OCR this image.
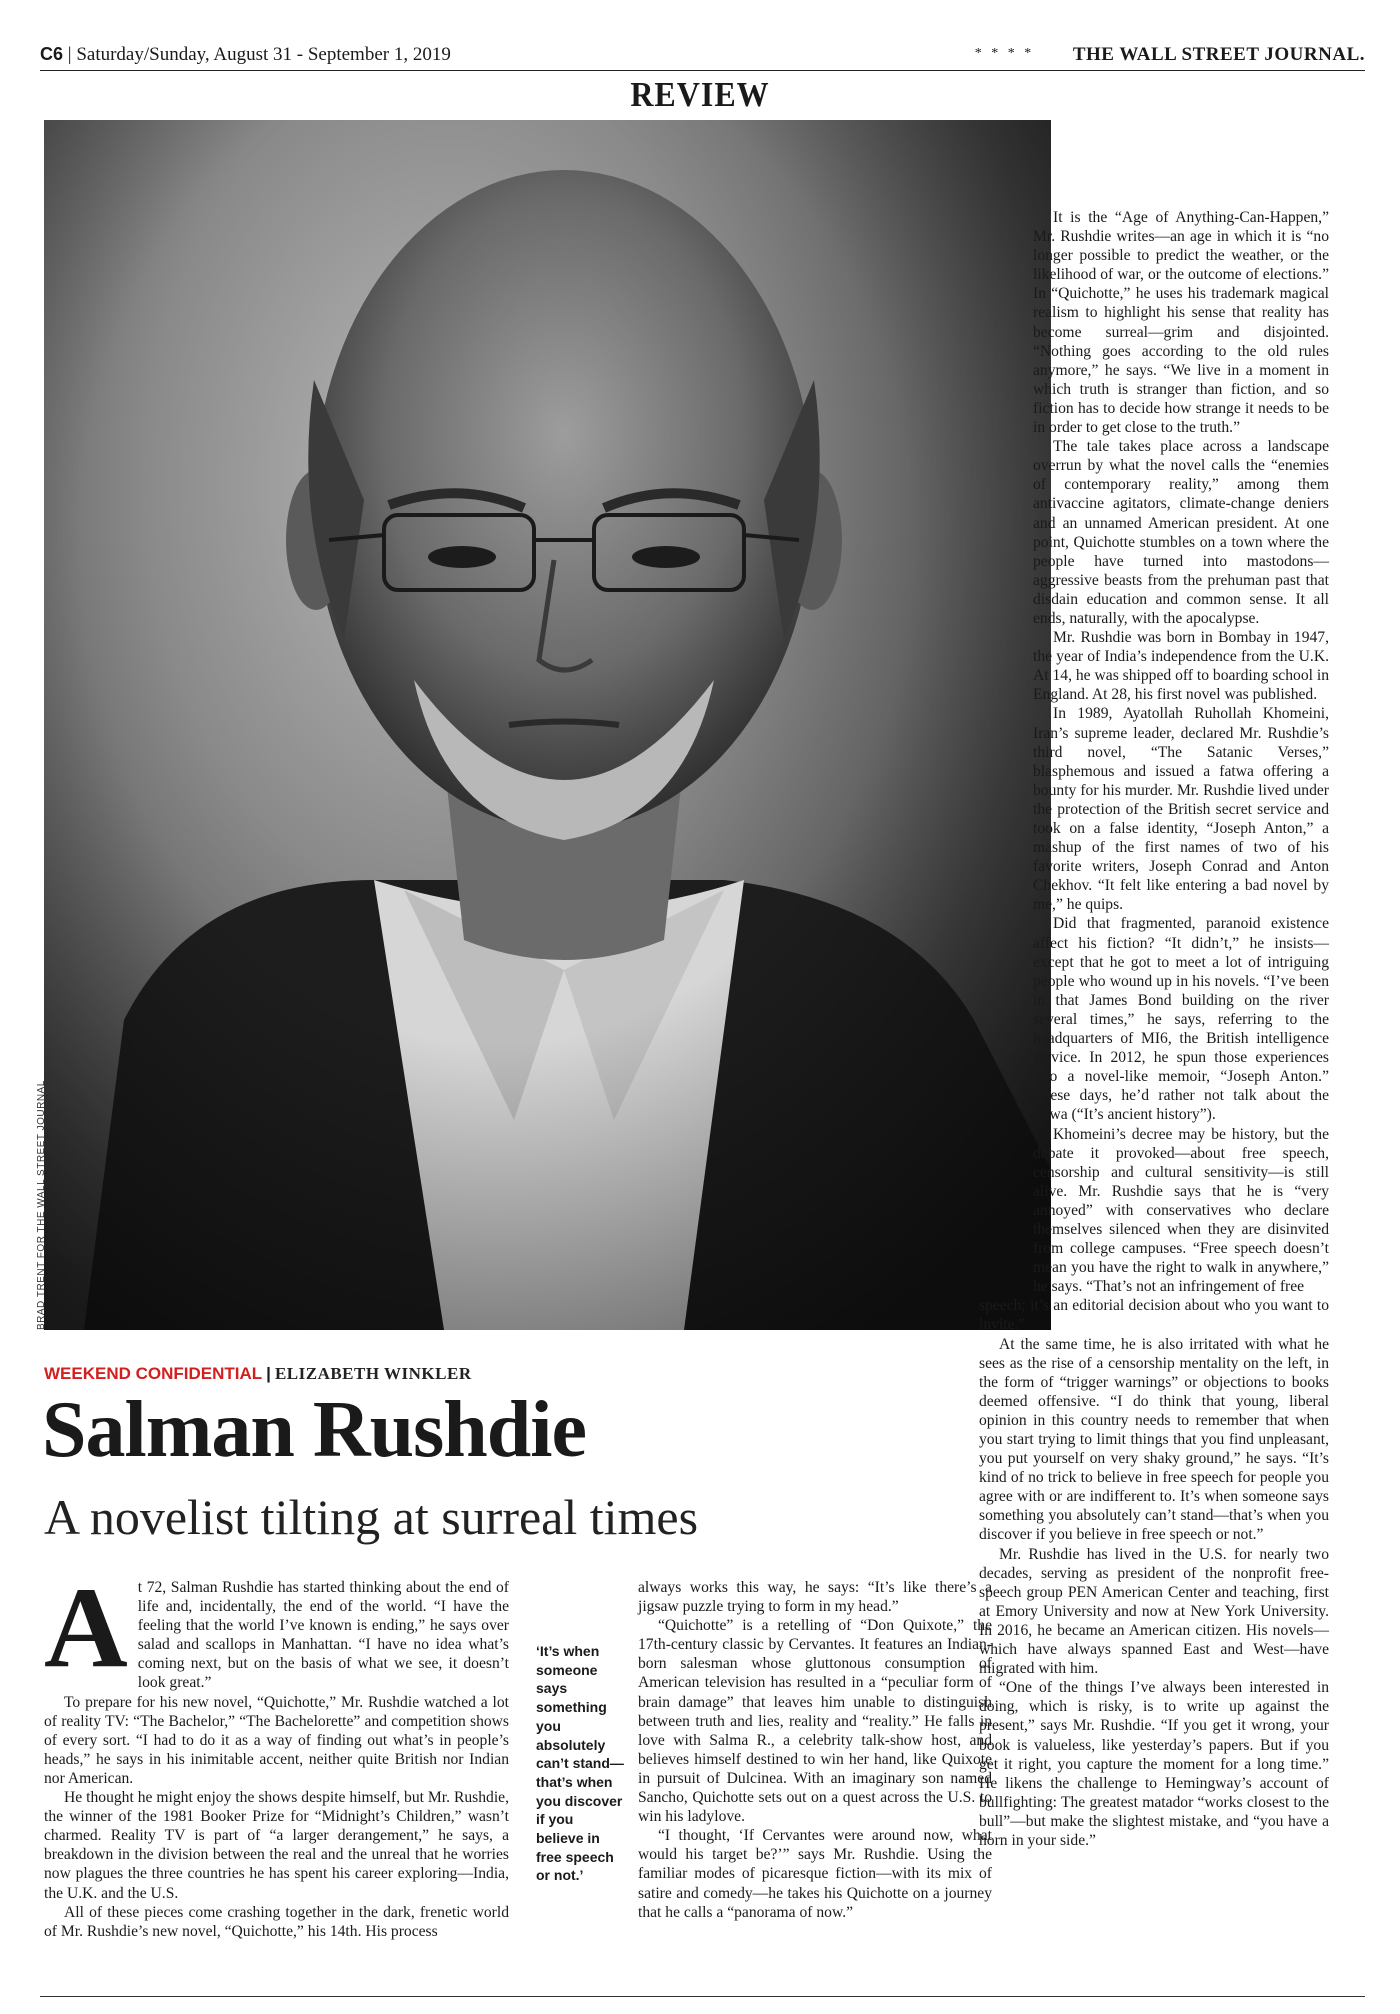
C6 | Saturday/Sunday, August 31 - September 1, 2019	* * * *	THE WALL STREET JOURNAL.
REVIEW
BRAD TRENT FOR THE WALL STREET JOURNAL
WEEKEND CONFIDENTIAL | ELIZABETH WINKLER
Salman Rushdie
A novelist tilting at surreal times
A t 72, Salman Rushdie has started thinking about the end of life and, incidentally, the end of the world. “I have the feeling that the world I’ve known is ending,” he says over salad and scallops in Manhattan. “I have no idea what’s coming next, but on the basis of what we see, it doesn’t look great.”

To prepare for his new novel, “Quichotte,” Mr. Rushdie watched a lot of reality TV: “The Bachelor,” “The Bachelorette” and competition shows of every sort. “I had to do it as a way of finding out what’s in people’s heads,” he says in his inimitable accent, neither quite British nor Indian nor American.

He thought he might enjoy the shows despite himself, but Mr. Rushdie, the winner of the 1981 Booker Prize for “Midnight’s Children,” wasn’t charmed. Reality TV is part of “a larger derangement,” he says, a breakdown in the division between the real and the unreal that he worries now plagues the three countries he has spent his career exploring—India, the U.K. and the U.S.

All of these pieces come crashing together in the dark, frenetic world of Mr. Rushdie’s new novel, “Quichotte,” his 14th. His process

‘It’s when someone says something you absolutely can’t stand—that’s when you discover if you believe in free speech or not.’

always works this way, he says: “It’s like there’s a jigsaw puzzle trying to form in my head.”

“Quichotte” is a retelling of “Don Quixote,” the 17th-century classic by Cervantes. It features an Indian-born salesman whose gluttonous consumption of American television has resulted in a “peculiar form of brain damage” that leaves him unable to distinguish between truth and lies, reality and “reality.” He falls in love with Salma R., a celebrity talk-show host, and believes himself destined to win her hand, like Quixote in pursuit of Dulcinea. With an imaginary son named Sancho, Quichotte sets out on a quest across the U.S. to win his ladylove.

“I thought, ‘If Cervantes were around now, what would his target be?’” says Mr. Rushdie. Using the familiar modes of picaresque fiction—with its mix of satire and comedy—he takes his Quichotte on a journey that he calls a “panorama of now.”

It is the “Age of Anything-Can-Happen,” Mr. Rushdie writes—an age in which it is “no longer possible to predict the weather, or the likelihood of war, or the outcome of elections.” In “Quichotte,” he uses his trademark magical realism to highlight his sense that reality has become surreal—grim and disjointed. “Nothing goes according to the old rules anymore,” he says. “We live in a moment in which truth is stranger than fiction, and so fiction has to decide how strange it needs to be in order to get close to the truth.”

The tale takes place across a landscape overrun by what the novel calls the “enemies of contemporary reality,” among them antivaccine agitators, climate-change deniers and an unnamed American president. At one point, Quichotte stumbles on a town where the people have turned into mastodons—aggressive beasts from the prehuman past that disdain education and common sense. It all ends, naturally, with the apocalypse.

Mr. Rushdie was born in Bombay in 1947, the year of India’s independence from the U.K. At 14, he was shipped off to boarding school in England. At 28, his first novel was published.

In 1989, Ayatollah Ruhollah Khomeini, Iran’s supreme leader, declared Mr. Rushdie’s third novel, “The Satanic Verses,” blasphemous and issued a fatwa offering a bounty for his murder. Mr. Rushdie lived under the protection of the British secret service and took on a false identity, “Joseph Anton,” a mashup of the first names of two of his favorite writers, Joseph Conrad and Anton Chekhov. “It felt like entering a bad novel by me,” he quips.

Did that fragmented, paranoid existence affect his fiction? “It didn’t,” he insists—except that he got to meet a lot of intriguing people who wound up in his novels. “I’ve been in that James Bond building on the river several times,” he says, referring to the headquarters of MI6, the British intelligence service. In 2012, he spun those experiences into a novel-like memoir, “Joseph Anton.” These days, he’d rather not talk about the fatwa (“It’s ancient history”).

Khomeini’s decree may be history, but the debate it provoked—about free speech, censorship and cultural sensitivity—is still alive. Mr. Rushdie says that he is “very annoyed” with conservatives who declare themselves silenced when they are disinvited from college campuses. “Free speech doesn’t mean you have the right to walk in anywhere,” he says. “That’s not an infringement of free

speech; it’s an editorial decision about who you want to invite.”

At the same time, he is also irritated with what he sees as the rise of a censorship mentality on the left, in the form of “trigger warnings” or objections to books deemed offensive. “I do think that young, liberal opinion in this country needs to remember that when you start trying to limit things that you find unpleasant, you put yourself on very shaky ground,” he says. “It’s kind of no trick to believe in free speech for people you agree with or are indifferent to. It’s when someone says something you absolutely can’t stand—that’s when you discover if you believe in free speech or not.”

Mr. Rushdie has lived in the U.S. for nearly two decades, serving as president of the nonprofit free-speech group PEN American Center and teaching, first at Emory University and now at New York University. In 2016, he became an American citizen. His novels—which have always spanned East and West—have migrated with him.

“One of the things I’ve always been interested in doing, which is risky, is to write up against the present,” says Mr. Rushdie. “If you get it wrong, your book is valueless, like yesterday’s papers. But if you get it right, you capture the moment for a long time.” He likens the challenge to Hemingway’s account of bullfighting: The greatest matador “works closest to the bull”—but make the slightest mistake, and “you have a horn in your side.”
